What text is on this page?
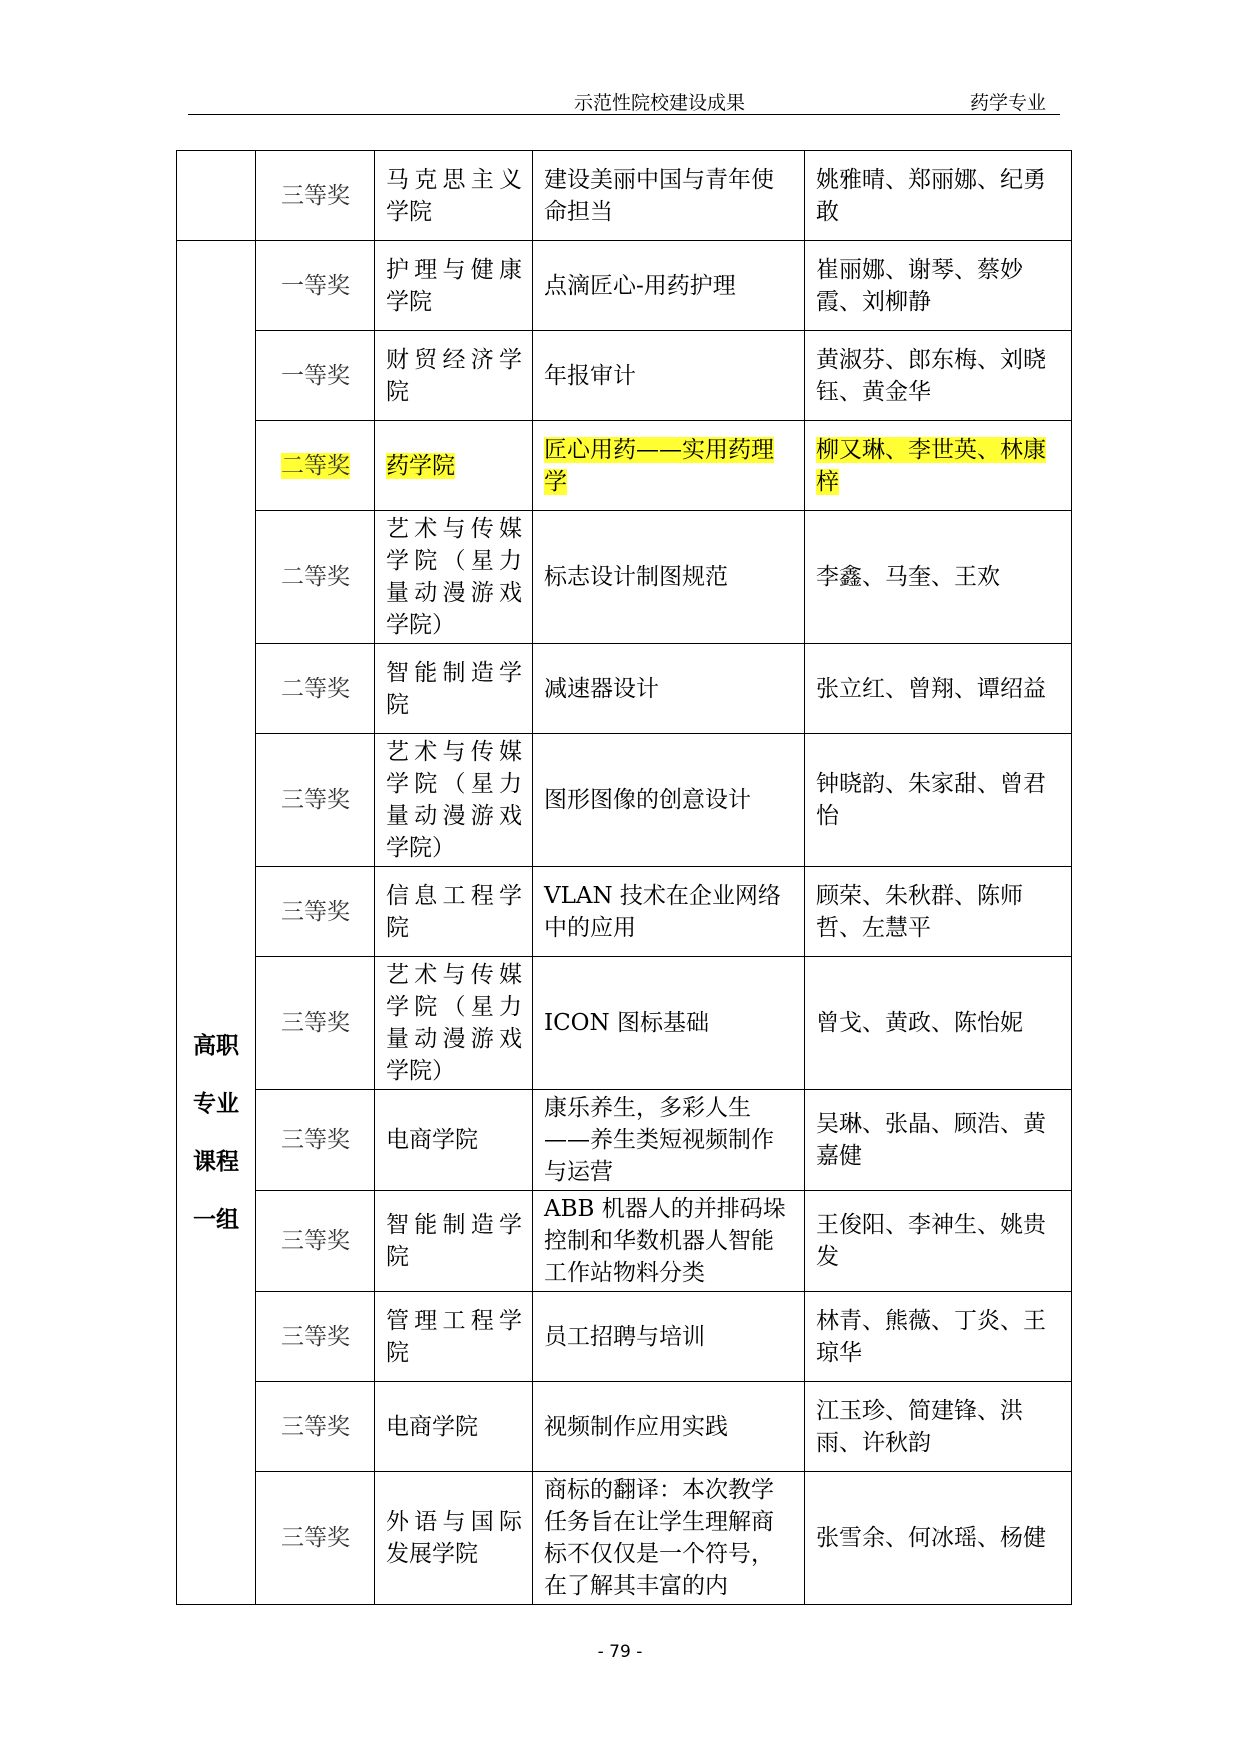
示范性院校建设成果	药学专业
	三等奖	马克思主义学院	建设美丽中国与青年使命担当	姚雅晴、郑丽娜、纪勇敢
高职专业课程一组	一等奖	护理与健康学院	点滴匠心-用药护理	崔丽娜、谢琴、蔡妙霞、刘柳静
	一等奖	财贸经济学院	年报审计	黄淑芬、郎东梅、刘晓钰、黄金华
	二等奖	药学院	匠心用药——实用药理学	柳又琳、李世英、林康梓
	二等奖	艺术与传媒学院（星力量动漫游戏学院）	标志设计制图规范	李鑫、马奎、王欢
	二等奖	智能制造学院	减速器设计	张立红、曾翔、谭绍益
	三等奖	艺术与传媒学院（星力量动漫游戏学院）	图形图像的创意设计	钟晓韵、朱家甜、曾君怡
	三等奖	信息工程学院	VLAN 技术在企业网络中的应用	顾荣、朱秋群、陈师哲、左慧平
	三等奖	艺术与传媒学院（星力量动漫游戏学院）	ICON 图标基础	曾戈、黄政、陈怡妮
	三等奖	电商学院	康乐养生，多彩人生——养生类短视频制作与运营	吴琳、张晶、顾浩、黄嘉健
	三等奖	智能制造学院	ABB 机器人的并排码垛控制和华数机器人智能工作站物料分类	王俊阳、李神生、姚贵发
	三等奖	管理工程学院	员工招聘与培训	林青、熊薇、丁炎、王琼华
	三等奖	电商学院	视频制作应用实践	江玉珍、简建锋、洪雨、许秋韵
	三等奖	外语与国际发展学院	商标的翻译：本次教学任务旨在让学生理解商标不仅仅是一个符号，在了解其丰富的内	张雪余、何冰瑶、杨健
- 79 -
